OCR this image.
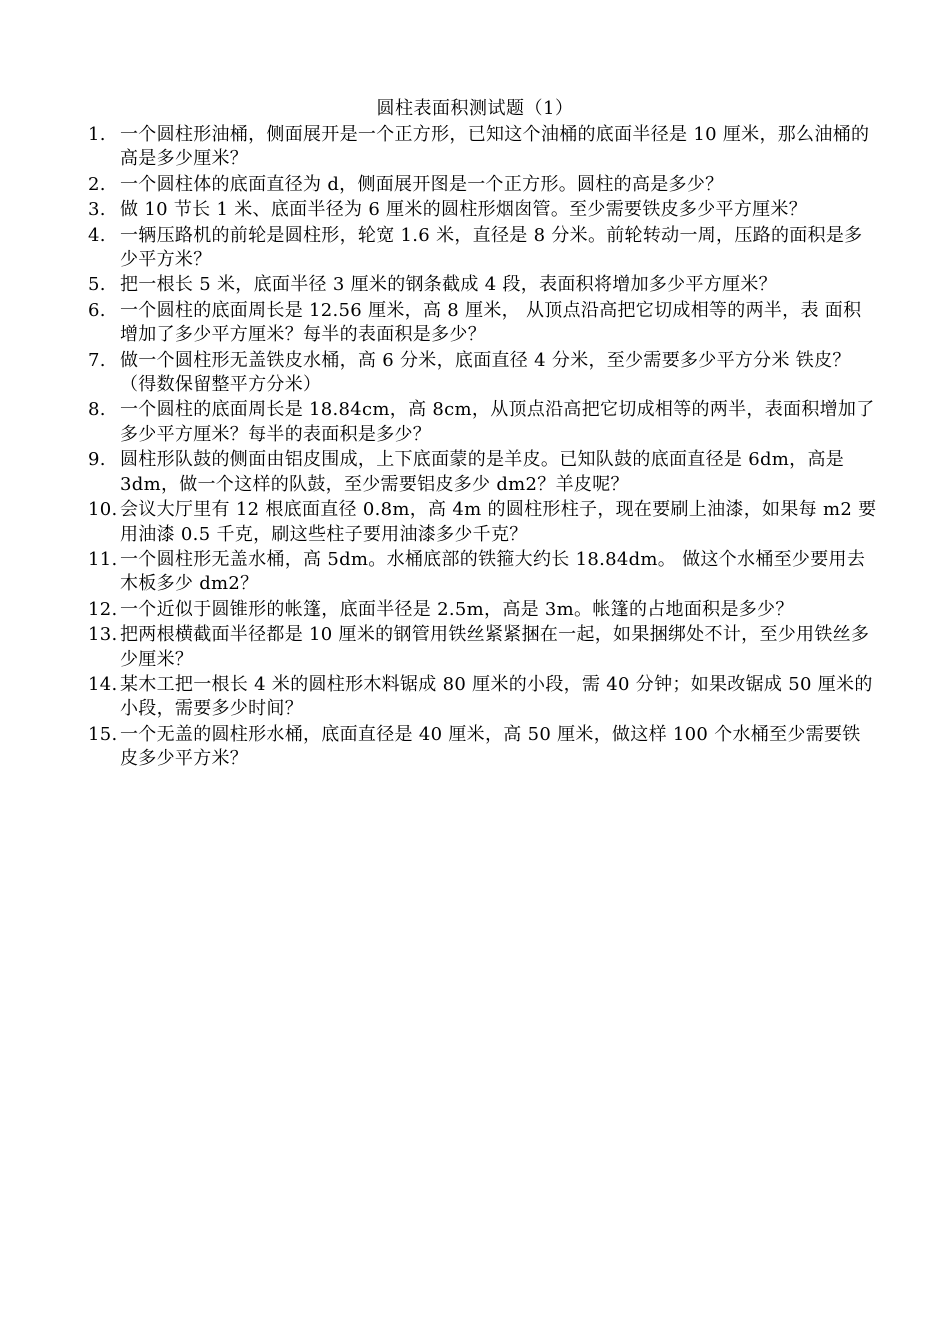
圆柱表面积测试题（1）
1. 一个圆柱形油桶，侧面展开是一个正方形，已知这个油桶的底面半径是 10 厘米，那么油桶的高是多少厘米？
2. 一个圆柱体的底面直径为 d，侧面展开图是一个正方形。圆柱的高是多少？
3. 做 10 节长 1 米、底面半径为 6 厘米的圆柱形烟囱管。至少需要铁皮多少平方厘米？
4. 一辆压路机的前轮是圆柱形，轮宽 1.6 米，直径是 8 分米。前轮转动一周，压路的面积是多少平方米？
5. 把一根长 5 米，底面半径 3 厘米的钢条截成 4 段，表面积将增加多少平方厘米？
6. 一个圆柱的底面周长是 12.56 厘米，高 8 厘米， 从顶点沿高把它切成相等的两半，表 面积增加了多少平方厘米？每半的表面积是多少？
7. 做一个圆柱形无盖铁皮水桶，高 6 分米，底面直径 4 分米，至少需要多少平方分米 铁皮？（得数保留整平方分米）
8. 一个圆柱的底面周长是 18.84cm，高 8cm，从顶点沿高把它切成相等的两半，表面积增加了多少平方厘米？每半的表面积是多少？
9. 圆柱形队鼓的侧面由铝皮围成，上下底面蒙的是羊皮。已知队鼓的底面直径是 6dm，高是 3dm，做一个这样的队鼓，至少需要铝皮多少 dm2？羊皮呢？
10. 会议大厅里有 12 根底面直径 0.8m，高 4m 的圆柱形柱子，现在要刷上油漆，如果每 m2 要用油漆 0.5 千克，刷这些柱子要用油漆多少千克？
11. 一个圆柱形无盖水桶，高 5dm。水桶底部的铁箍大约长 18.84dm。 做这个水桶至少要用去木板多少 dm2？
12. 一个近似于圆锥形的帐篷，底面半径是 2.5m，高是 3m。帐篷的占地面积是多少？
13. 把两根横截面半径都是 10 厘米的钢管用铁丝紧紧捆在一起，如果捆绑处不计，至少用铁丝多少厘米？
14. 某木工把一根长 4 米的圆柱形木料锯成 80 厘米的小段，需 40 分钟；如果改锯成 50 厘米的小段，需要多少时间？
15. 一个无盖的圆柱形水桶，底面直径是 40 厘米，高 50 厘米，做这样 100 个水桶至少需要铁皮多少平方米？
